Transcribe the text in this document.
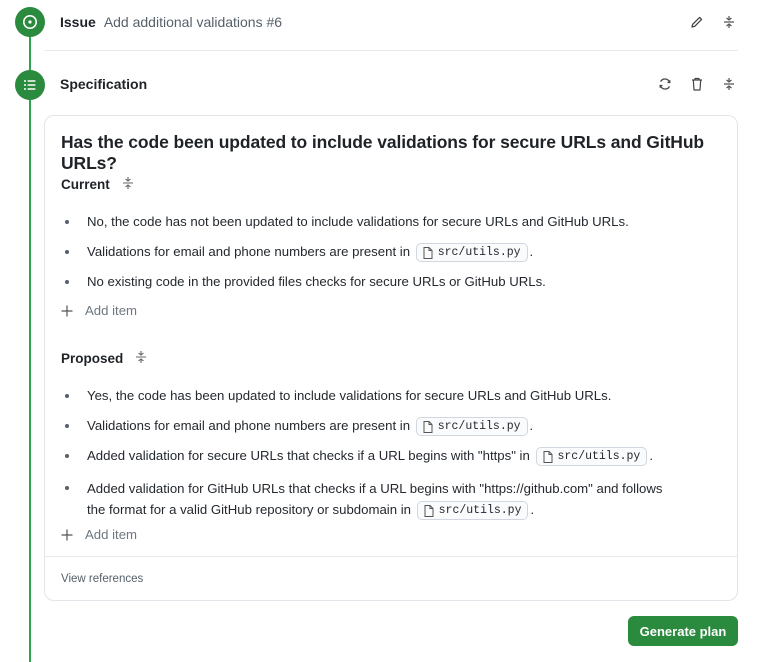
Issue Add additional validations #6
Specification
Has the code been updated to include validations for secure URLs and GitHub URLs?
Current
No, the code has not been updated to include validations for secure URLs and GitHub URLs.
Validations for email and phone numbers are present in src/utils.py .
No existing code in the provided files checks for secure URLs or GitHub URLs.
Add item
Proposed
Yes, the code has been updated to include validations for secure URLs and GitHub URLs.
Validations for email and phone numbers are present in src/utils.py .
Added validation for secure URLs that checks if a URL begins with "https" in src/utils.py .
Added validation for GitHub URLs that checks if a URL begins with "https://github.com" and follows the format for a valid GitHub repository or subdomain in src/utils.py .
Add item
View references
Generate plan
